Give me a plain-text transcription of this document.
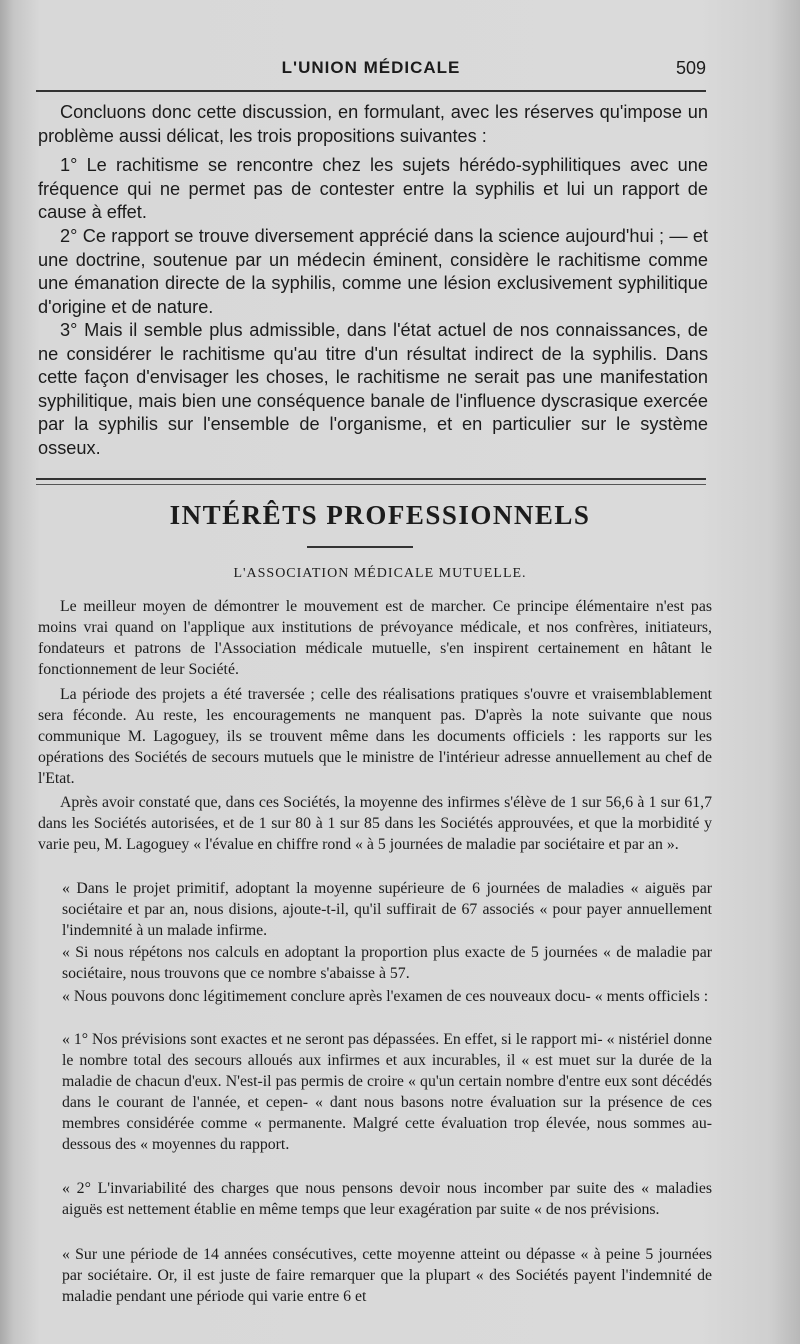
L'UNION MÉDICALE	509

Concluons donc cette discussion, en formulant, avec les réserves qu'impose un problème aussi délicat, les trois propositions suivantes :

1° Le rachitisme se rencontre chez les sujets hérédo-syphilitiques avec une fréquence qui ne permet pas de contester entre la syphilis et lui un rapport de cause à effet.

2° Ce rapport se trouve diversement apprécié dans la science aujourd'hui ; — et une doctrine, soutenue par un médecin éminent, considère le rachitisme comme une émanation directe de la syphilis, comme une lésion exclusivement syphilitique d'origine et de nature.

3° Mais il semble plus admissible, dans l'état actuel de nos connaissances, de ne considérer le rachitisme qu'au titre d'un résultat indirect de la syphilis. Dans cette façon d'envisager les choses, le rachitisme ne serait pas une manifestation syphilitique, mais bien une conséquence banale de l'influence dyscrasique exercée par la syphilis sur l'ensemble de l'organisme, et en particulier sur le système osseux.

INTÉRÊTS PROFESSIONNELS
L'ASSOCIATION MÉDICALE MUTUELLE.

Le meilleur moyen de démontrer le mouvement est de marcher. Ce principe élémentaire n'est pas moins vrai quand on l'applique aux institutions de prévoyance médicale, et nos confrères, initiateurs, fondateurs et patrons de l'Association médicale mutuelle, s'en inspirent certainement en hâtant le fonctionnement de leur Société.

La période des projets a été traversée ; celle des réalisations pratiques s'ouvre et vraisemblablement sera féconde. Au reste, les encouragements ne manquent pas. D'après la note suivante que nous communique M. Lagoguey, ils se trouvent même dans les documents officiels : les rapports sur les opérations des Sociétés de secours mutuels que le ministre de l'intérieur adresse annuellement au chef de l'Etat.

Après avoir constaté que, dans ces Sociétés, la moyenne des infirmes s'élève de 1 sur 56,6 à 1 sur 61,7 dans les Sociétés autorisées, et de 1 sur 80 à 1 sur 85 dans les Sociétés approuvées, et que la morbidité y varie peu, M. Lagoguey « l'évalue en chiffre rond « à 5 journées de maladie par sociétaire et par an ».

« Dans le projet primitif, adoptant la moyenne supérieure de 6 journées de maladies « aiguës par sociétaire et par an, nous disions, ajoute-t-il, qu'il suffirait de 67 associés « pour payer annuellement l'indemnité à un malade infirme.

« Si nous répétons nos calculs en adoptant la proportion plus exacte de 5 journées « de maladie par sociétaire, nous trouvons que ce nombre s'abaisse à 57.

« Nous pouvons donc légitimement conclure après l'examen de ces nouveaux docu- « ments officiels :

« 1° Nos prévisions sont exactes et ne seront pas dépassées. En effet, si le rapport mi- « nistériel donne le nombre total des secours alloués aux infirmes et aux incurables, il « est muet sur la durée de la maladie de chacun d'eux. N'est-il pas permis de croire « qu'un certain nombre d'entre eux sont décédés dans le courant de l'année, et cepen- « dant nous basons notre évaluation sur la présence de ces membres considérée comme « permanente. Malgré cette évaluation trop élevée, nous sommes au-dessous des « moyennes du rapport.

« 2° L'invariabilité des charges que nous pensons devoir nous incomber par suite des « maladies aiguës est nettement établie en même temps que leur exagération par suite « de nos prévisions.

« Sur une période de 14 années consécutives, cette moyenne atteint ou dépasse « à peine 5 journées par sociétaire. Or, il est juste de faire remarquer que la plupart « des Sociétés payent l'indemnité de maladie pendant une période qui varie entre 6 et
